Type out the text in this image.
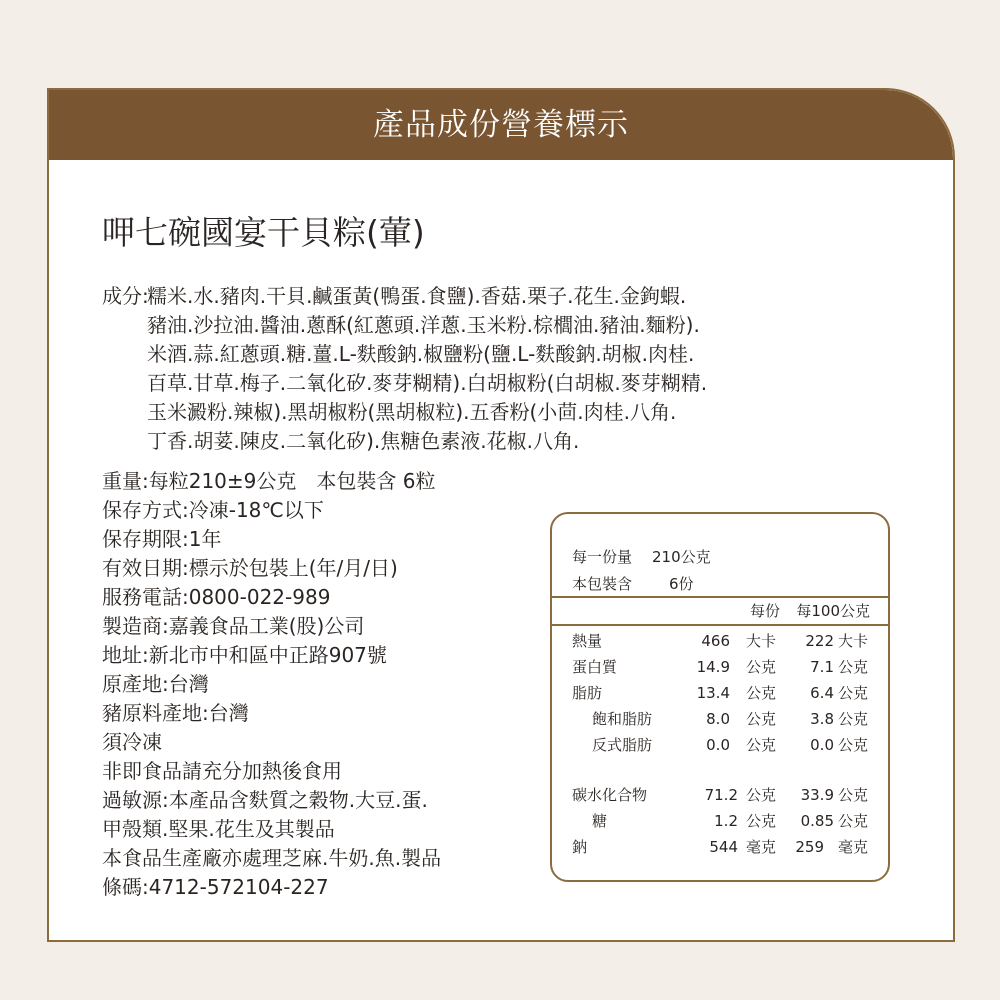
產品成份營養標示
呷七碗國宴干貝粽(葷)
成分:
糯米.水.豬肉.干貝.鹹蛋黃(鴨蛋.食鹽).香菇.栗子.花生.金鉤蝦.
豬油.沙拉油.醬油.蔥酥(紅蔥頭.洋蔥.玉米粉.棕櫚油.豬油.麵粉).
米酒.蒜.紅蔥頭.糖.薑.L-麩酸鈉.椒鹽粉(鹽.L-麩酸鈉.胡椒.肉桂.
百草.甘草.梅子.二氧化矽.麥芽糊精).白胡椒粉(白胡椒.麥芽糊精.
玉米澱粉.辣椒).黑胡椒粉(黑胡椒粒).五香粉(小茴.肉桂.八角.
丁香.胡荽.陳皮.二氧化矽).焦糖色素液.花椒.八角.
重量:每粒210±9公克　本包裝含 6粒
保存方式:冷凍-18℃以下
保存期限:1年
有效日期:標示於包裝上(年/月/日)
服務電話:0800-022-989
製造商:嘉義食品工業(股)公司
地址:新北市中和區中正路907號
原產地:台灣
豬原料產地:台灣
須冷凍
非即食品請充分加熱後食用
過敏源:本產品含麩質之穀物.大豆.蛋.
甲殼類.堅果.花生及其製品
本食品生產廠亦處理芝麻.牛奶.魚.製品
條碼:4712-572104-227
每一份量 210公克
本包裝含 6份
每份	每100公克
熱量	466 大卡	222 大卡
蛋白質	14.9 公克	7.1 公克
脂肪	13.4 公克	6.4 公克
飽和脂肪	8.0 公克	3.8 公克
反式脂肪	0.0 公克	0.0 公克
碳水化合物	71.2 公克	33.9 公克
糖	1.2 公克	0.85 公克
鈉	544 毫克	259 毫克
